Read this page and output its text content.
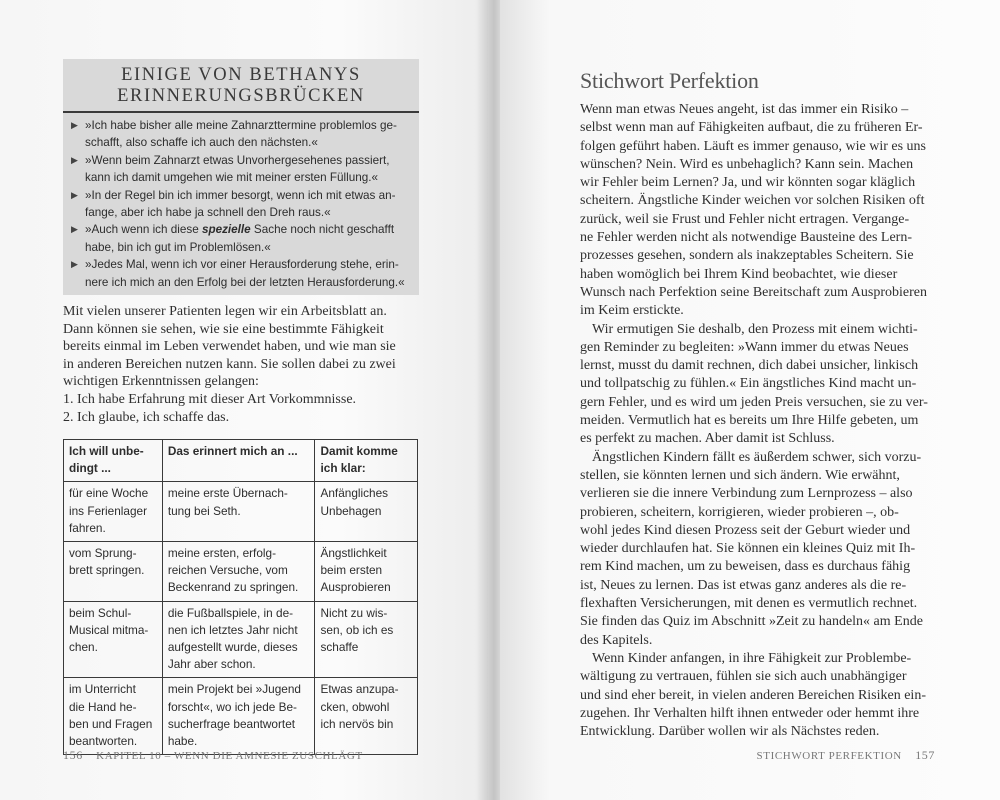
EINIGE VON BETHANYS
ERINNERUNGSBRÜCKEN
▶ »Ich habe bisher alle meine Zahnarzttermine problemlos ge-
schafft, also schaffe ich auch den nächsten.«
▶ »Wenn beim Zahnarzt etwas Unvorhergesehenes passiert,
kann ich damit umgehen wie mit meiner ersten Füllung.«
▶ »In der Regel bin ich immer besorgt, wenn ich mit etwas an-
fange, aber ich habe ja schnell den Dreh raus.«
▶ »Auch wenn ich diese spezielle Sache noch nicht geschafft
habe, bin ich gut im Problemlösen.«
▶ »Jedes Mal, wenn ich vor einer Herausforderung stehe, erin-
nere ich mich an den Erfolg bei der letzten Herausforderung.«
Mit vielen unserer Patienten legen wir ein Arbeitsblatt an.
Dann können sie sehen, wie sie eine bestimmte Fähigkeit
bereits einmal im Leben verwendet haben, und wie man sie
in anderen Bereichen nutzen kann. Sie sollen dabei zu zwei
wichtigen Erkenntnissen gelangen:
1. Ich habe Erfahrung mit dieser Art Vorkommnisse.
2. Ich glaube, ich schaffe das.
Ich will unbe-
dingt ...	Das erinnert mich an ...	Damit komme
ich klar:

für eine Woche
ins Ferienlager
fahren.	meine erste Übernach-
tung bei Seth.	Anfängliches
Unbehagen

vom Sprung-
brett springen.	meine ersten, erfolg-
reichen Versuche, vom
Beckenrand zu springen.	Ängstlichkeit
beim ersten
Ausprobieren

beim Schul-
Musical mitma-
chen.	die Fußballspiele, in de-
nen ich letztes Jahr nicht
aufgestellt wurde, dieses
Jahr aber schon.	Nicht zu wis-
sen, ob ich es
schaffe

im Unterricht
die Hand he-
ben und Fragen
beantworten.	mein Projekt bei »Jugend
forscht«, wo ich jede Be-
sucherfrage beantwortet
habe.	Etwas anzupa-
cken, obwohl
ich nervös bin
156 KAPITEL 10 – WENN DIE AMNESIE ZUSCHLÄGT
Stichwort Perfektion
Wenn man etwas Neues angeht, ist das immer ein Risiko –
selbst wenn man auf Fähigkeiten aufbaut, die zu früheren Er-
folgen geführt haben. Läuft es immer genauso, wie wir es uns
wünschen? Nein. Wird es unbehaglich? Kann sein. Machen
wir Fehler beim Lernen? Ja, und wir könnten sogar kläglich
scheitern. Ängstliche Kinder weichen vor solchen Risiken oft
zurück, weil sie Frust und Fehler nicht ertragen. Vergange-
ne Fehler werden nicht als notwendige Bausteine des Lern-
prozesses gesehen, sondern als inakzeptables Scheitern. Sie
haben womöglich bei Ihrem Kind beobachtet, wie dieser
Wunsch nach Perfektion seine Bereitschaft zum Ausprobieren
im Keim erstickte.
Wir ermutigen Sie deshalb, den Prozess mit einem wichti-
gen Reminder zu begleiten: »Wann immer du etwas Neues
lernst, musst du damit rechnen, dich dabei unsicher, linkisch
und tollpatschig zu fühlen.« Ein ängstliches Kind macht un-
gern Fehler, und es wird um jeden Preis versuchen, sie zu ver-
meiden. Vermutlich hat es bereits um Ihre Hilfe gebeten, um
es perfekt zu machen. Aber damit ist Schluss.
Ängstlichen Kindern fällt es äußerdem schwer, sich vorzu-
stellen, sie könnten lernen und sich ändern. Wie erwähnt,
verlieren sie die innere Verbindung zum Lernprozess – also
probieren, scheitern, korrigieren, wieder probieren –, ob-
wohl jedes Kind diesen Prozess seit der Geburt wieder und
wieder durchlaufen hat. Sie können ein kleines Quiz mit Ih-
rem Kind machen, um zu beweisen, dass es durchaus fähig
ist, Neues zu lernen. Das ist etwas ganz anderes als die re-
flexhaften Versicherungen, mit denen es vermutlich rechnet.
Sie finden das Quiz im Abschnitt »Zeit zu handeln« am Ende
des Kapitels.
Wenn Kinder anfangen, in ihre Fähigkeit zur Problembe-
wältigung zu vertrauen, fühlen sie sich auch unabhängiger
und sind eher bereit, in vielen anderen Bereichen Risiken ein-
zugehen. Ihr Verhalten hilft ihnen entweder oder hemmt ihre
Entwicklung. Darüber wollen wir als Nächstes reden.
STICHWORT PERFEKTION 157
